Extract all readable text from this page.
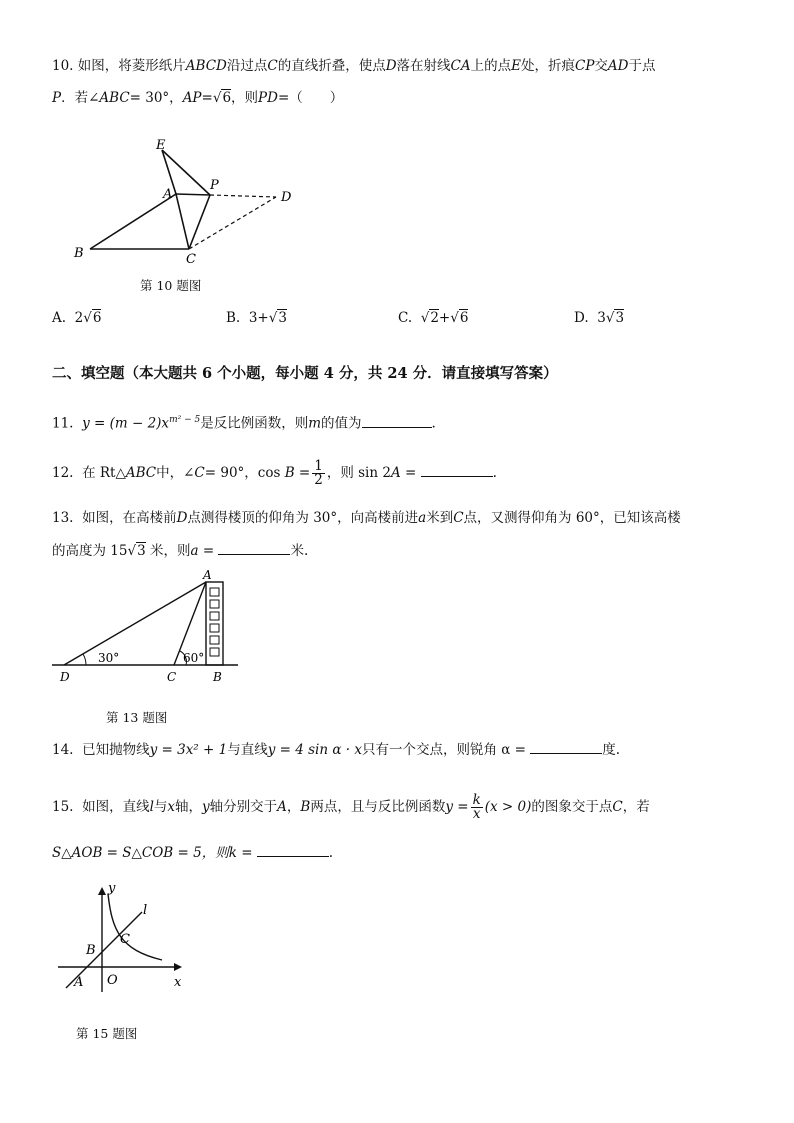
10. 如图，将菱形纸片ABCD沿过点C的直线折叠，使点D落在射线CA上的点E处，折痕CP交AD于点
P．若∠ABC= 30°，AP=√6，则PD=（　　）
E
A
P
D
B	C
第 10 题图
A. 2√6	B. 3+√3	C.  √2+√6	D. 3√3
二、填空题（本大题共 6 个小题，每小题 4 分，共 24 分．请直接填写答案）
11. $y = (m - 2)x^{m^2 - 5}$是反比例函数，则m的值为	.
12. 在 Rt△ABC中，∠C= 90°，$\cos B = \frac{1}{2}$ ，则 sin 2A =	.
13. 如图，在高楼前D点测得楼顶的仰角为 30°，向高楼前进a米到C点，又测得仰角为 60°，已知该高楼
的高度为 15√3 米，则a =	米.
30°	60°
A
D	C	B
第 13 题图
14. 已知抛物线y = 3x² + 1与直线y = 4 sin α · x只有一个交点，则锐角 α =	度.
15. 如图，直线l与x轴，y轴分别交于A，B两点，且与反比例函数$y = \frac{k}{x} (x > 0)$的图象交于点C，若
S△AOB = S△COB = 5，则k =	.
y
l
B
C
A O	x
第 15 题图
